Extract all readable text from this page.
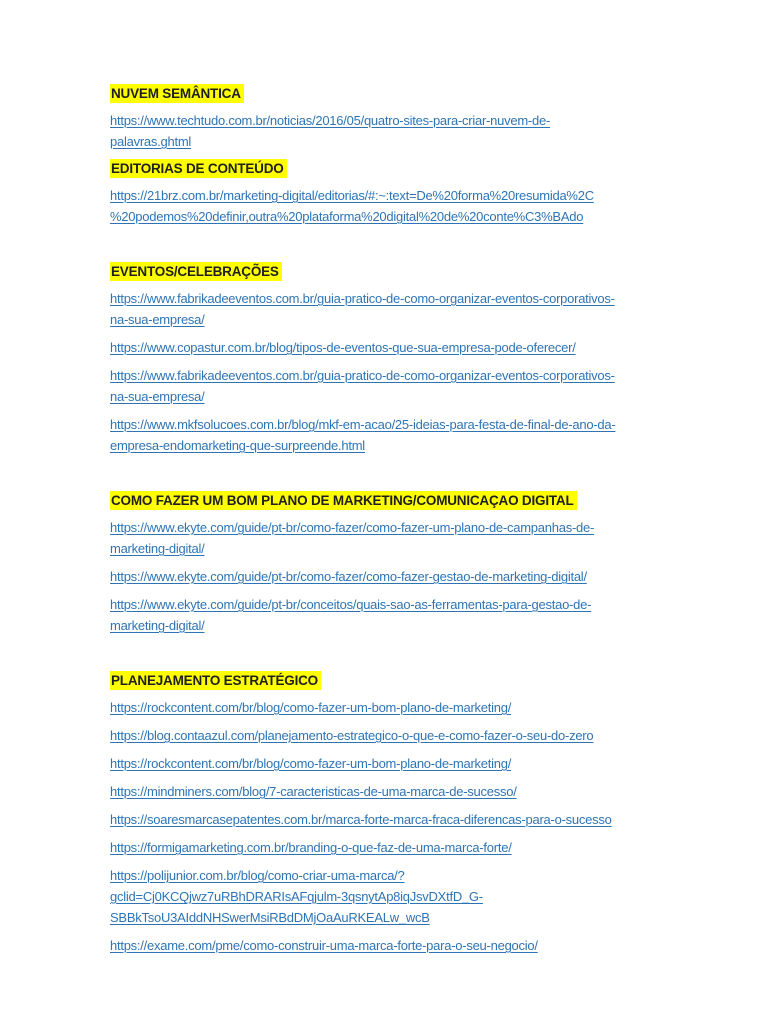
NUVEM SEMÂNTICA

https://www.techtudo.com.br/noticias/2016/05/quatro-sites-para-criar-nuvem-de-
palavras.ghtml

EDITORIAS DE CONTEÚDO

https://21brz.com.br/marketing-digital/editorias/#:~:text=De%20forma%20resumida%2C
%20podemos%20definir,outra%20plataforma%20digital%20de%20conte%C3%BAdo

EVENTOS/CELEBRAÇÕES

https://www.fabrikadeeventos.com.br/guia-pratico-de-como-organizar-eventos-corporativos-
na-sua-empresa/

https://www.copastur.com.br/blog/tipos-de-eventos-que-sua-empresa-pode-oferecer/

https://www.fabrikadeeventos.com.br/guia-pratico-de-como-organizar-eventos-corporativos-
na-sua-empresa/

https://www.mkfsolucoes.com.br/blog/mkf-em-acao/25-ideias-para-festa-de-final-de-ano-da-
empresa-endomarketing-que-surpreende.html

COMO FAZER UM BOM PLANO DE MARKETING/COMUNICAÇAO DIGITAL

https://www.ekyte.com/guide/pt-br/como-fazer/como-fazer-um-plano-de-campanhas-de-
marketing-digital/

https://www.ekyte.com/guide/pt-br/como-fazer/como-fazer-gestao-de-marketing-digital/

https://www.ekyte.com/guide/pt-br/conceitos/quais-sao-as-ferramentas-para-gestao-de-
marketing-digital/

PLANEJAMENTO ESTRATÉGICO

https://rockcontent.com/br/blog/como-fazer-um-bom-plano-de-marketing/

https://blog.contaazul.com/planejamento-estrategico-o-que-e-como-fazer-o-seu-do-zero

https://rockcontent.com/br/blog/como-fazer-um-bom-plano-de-marketing/

https://mindminers.com/blog/7-caracteristicas-de-uma-marca-de-sucesso/

https://soaresmarcasepatentes.com.br/marca-forte-marca-fraca-diferencas-para-o-sucesso

https://formigamarketing.com.br/branding-o-que-faz-de-uma-marca-forte/

https://polijunior.com.br/blog/como-criar-uma-marca/?
gclid=Cj0KCQjwz7uRBhDRARIsAFqjulm-3qsnytAp8iqJsvDXtfD_G-
SBBkTsoU3AIddNHSwerMsiRBdDMjOaAuRKEALw_wcB

https://exame.com/pme/como-construir-uma-marca-forte-para-o-seu-negocio/
